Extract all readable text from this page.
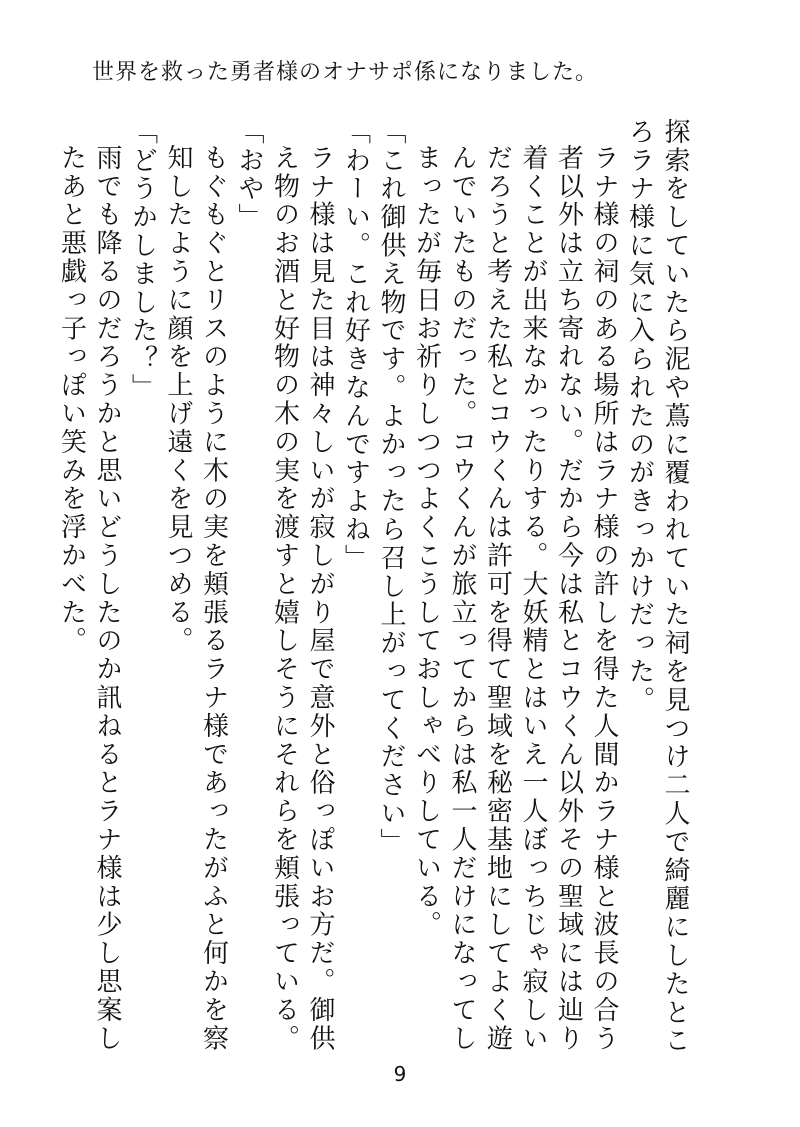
世界を救った勇者様のオナサポ係になりました。

探索をしていたら泥や蔦に覆われていた祠を見つけ二人で綺麗にしたところラナ様に気に入られたのがきっかけだった。

ラナ様の祠のある場所はラナ様の許しを得た人間かラナ様と波長の合う者以外は立ち寄れない。だから今は私とコウくん以外その聖域には辿り着くことが出来なかったりする。大妖精とはいえ一人ぼっちじゃ寂しいだろうと考えた私とコウくんは許可を得て聖域を秘密基地にしてよく遊んでいたものだった。コウくんが旅立ってからは私一人だけになってしまったが毎日お祈りしつつよくこうしておしゃべりしている。

「これ御供え物です。よかったら召し上がってください」

「わーい。これ好きなんですよね」

ラナ様は見た目は神々しいが寂しがり屋で意外と俗っぽいお方だ。御供え物のお酒と好物の木の実を渡すと嬉しそうにそれらを頬張っている。

「おや」

もぐもぐとリスのように木の実を頬張るラナ様であったがふと何かを察知したように顔を上げ遠くを見つめる。

「どうかしました？」

雨でも降るのだろうかと思いどうしたのか訊ねるとラナ様は少し思案したあと悪戯っ子っぽい笑みを浮かべた。

9
